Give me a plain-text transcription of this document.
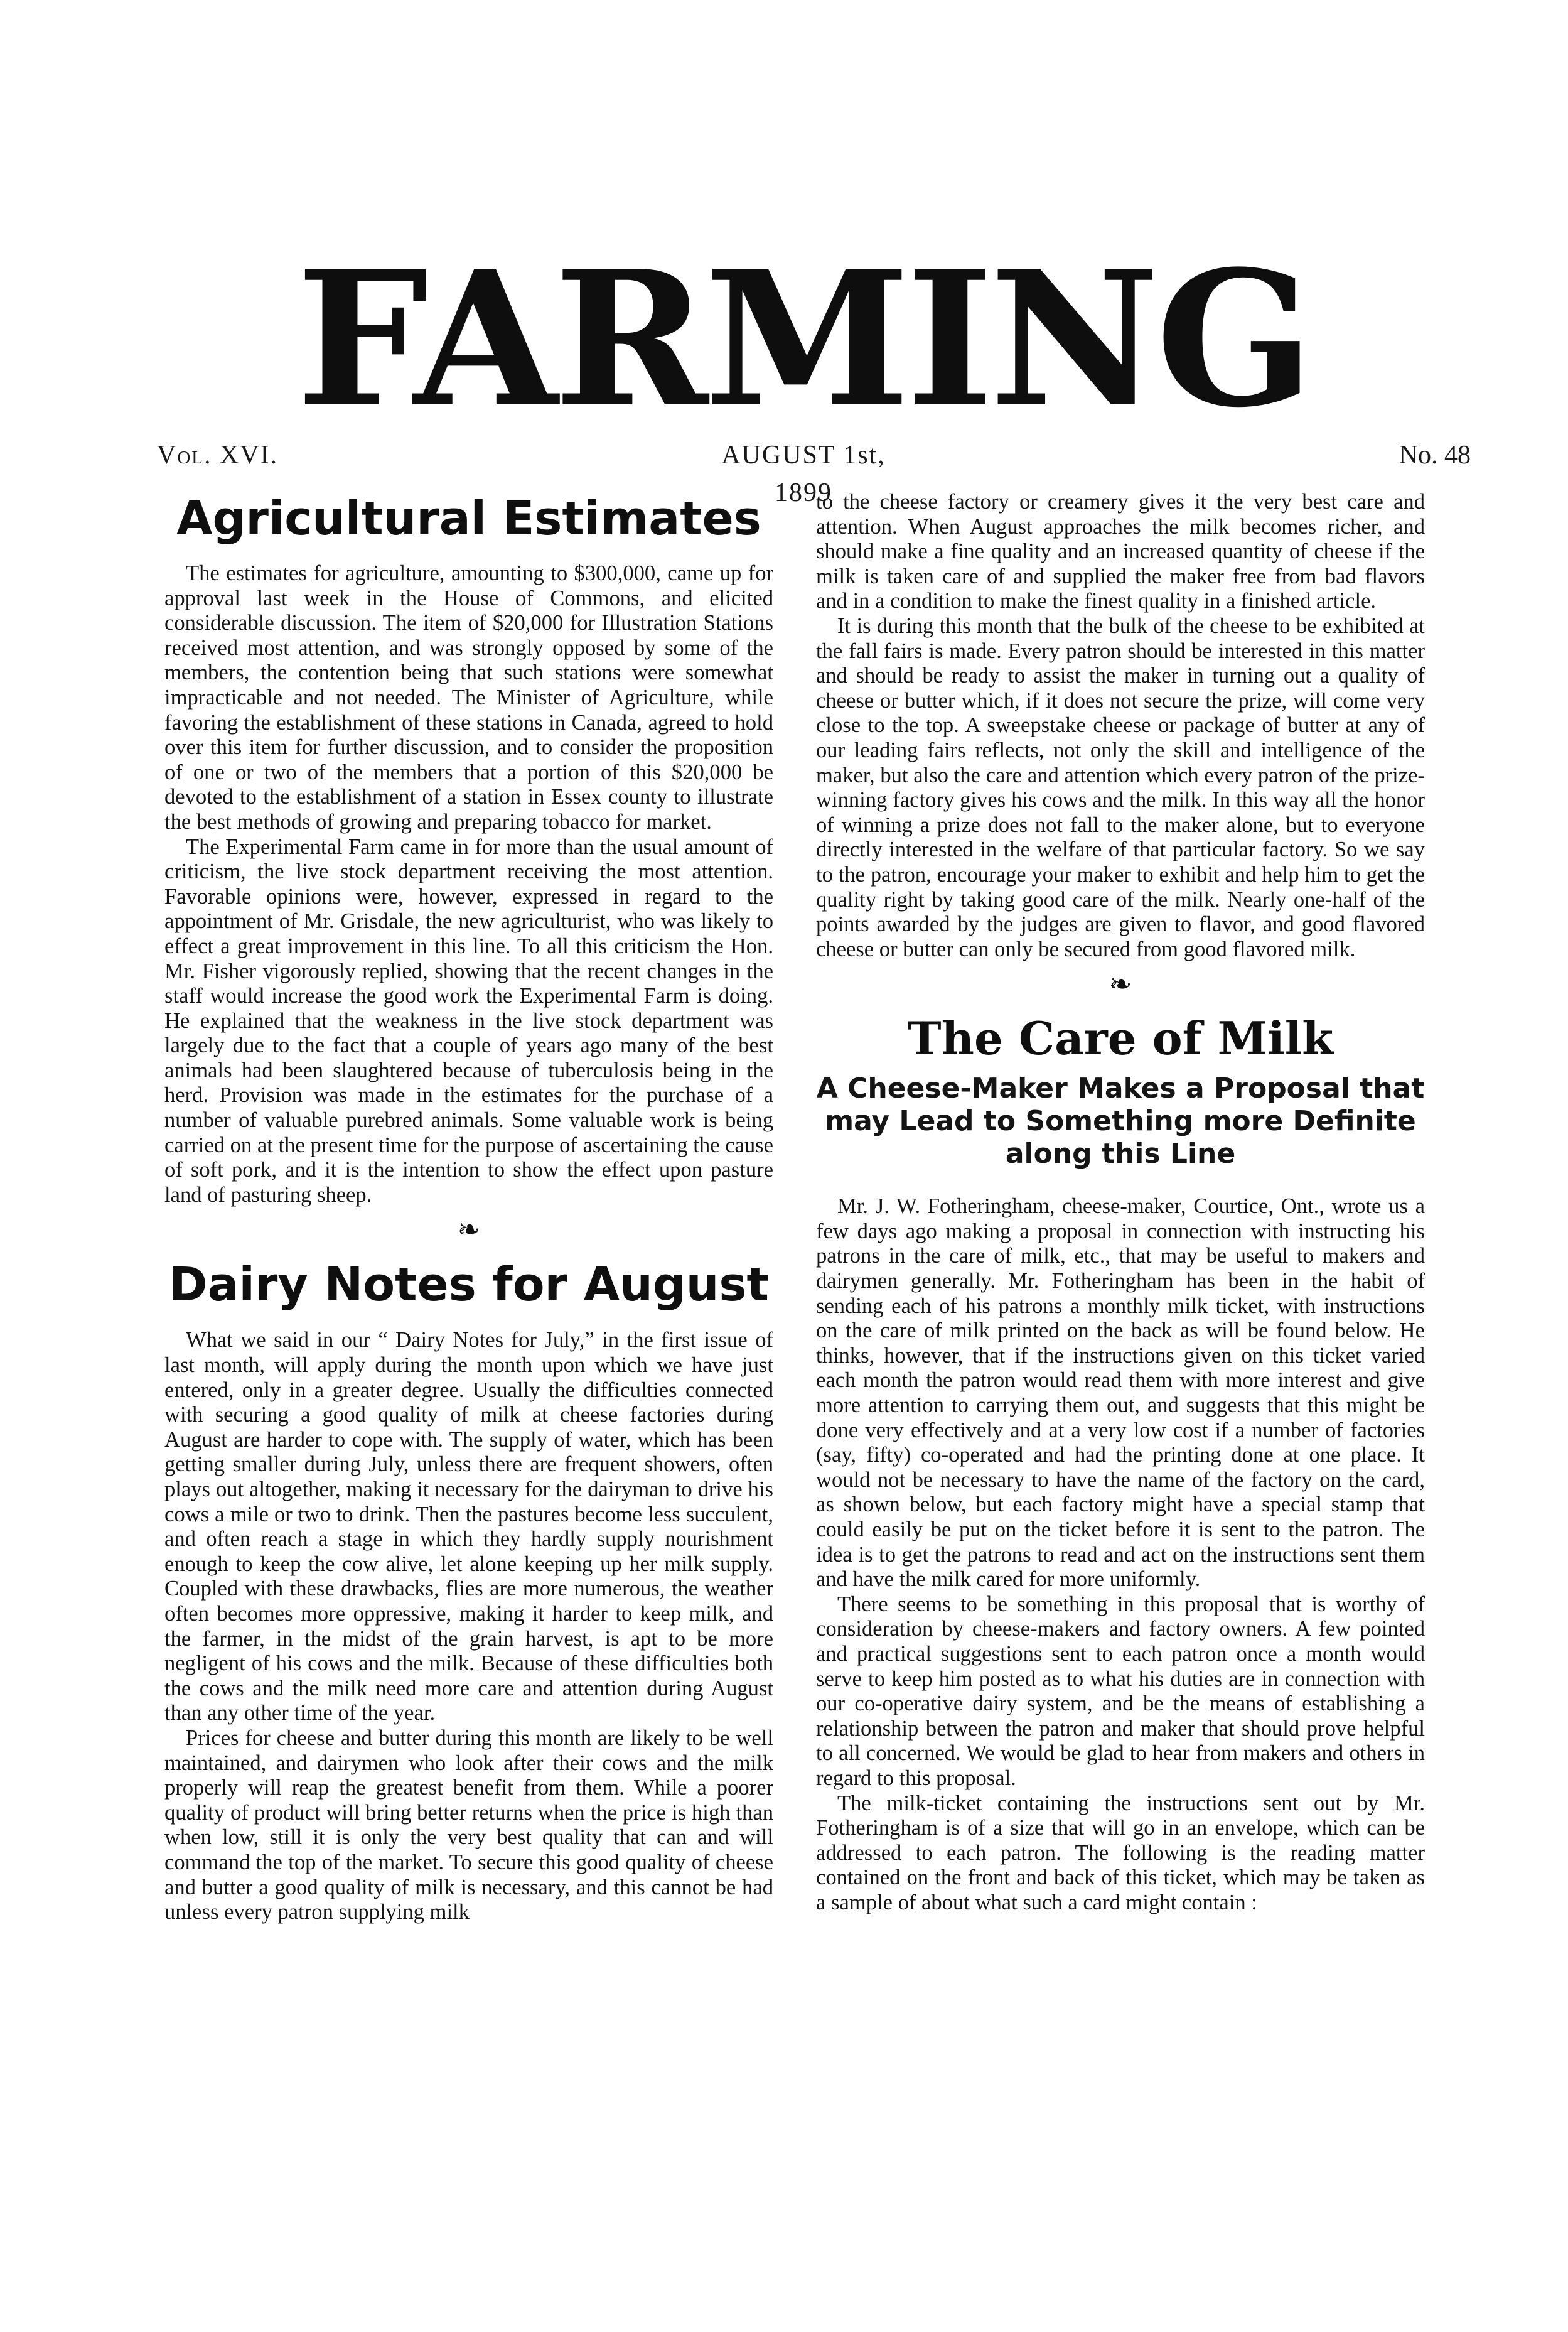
FARMING
Vol. XVI.	AUGUST 1st, 1899
No. 48
Agricultural Estimates

The estimates for agriculture, amounting to $300,000, came up for approval last week in the House of Commons, and elicited considerable discussion. The item of $20,000 for Illustration Stations received most attention, and was strongly opposed by some of the members, the contention being that such stations were somewhat impracticable and not needed. The Minister of Agriculture, while favoring the establishment of these stations in Canada, agreed to hold over this item for further discussion, and to consider the proposition of one or two of the members that a portion of this $20,000 be devoted to the establishment of a station in Essex county to illustrate the best methods of growing and preparing tobacco for market.

The Experimental Farm came in for more than the usual amount of criticism, the live stock department receiving the most attention. Favorable opinions were, however, expressed in regard to the appointment of Mr. Grisdale, the new agriculturist, who was likely to effect a great improvement in this line. To all this criticism the Hon. Mr. Fisher vigorously replied, showing that the recent changes in the staff would increase the good work the Experimental Farm is doing. He explained that the weakness in the live stock department was largely due to the fact that a couple of years ago many of the best animals had been slaughtered because of tuberculosis being in the herd. Provision was made in the estimates for the purchase of a number of valuable purebred animals. Some valuable work is being carried on at the present time for the purpose of ascertaining the cause of soft pork, and it is the intention to show the effect upon pasture land of pasturing sheep.

❧
Dairy Notes for August

What we said in our “ Dairy Notes for July,” in the first issue of last month, will apply during the month upon which we have just entered, only in a greater degree. Usually the difficulties connected with securing a good quality of milk at cheese factories during August are harder to cope with. The supply of water, which has been getting smaller during July, unless there are frequent showers, often plays out altogether, making it necessary for the dairyman to drive his cows a mile or two to drink. Then the pastures become less succulent, and often reach a stage in which they hardly supply nourishment enough to keep the cow alive, let alone keeping up her milk supply. Coupled with these drawbacks, flies are more numerous, the weather often becomes more oppressive, making it harder to keep milk, and the farmer, in the midst of the grain harvest, is apt to be more negligent of his cows and the milk. Because of these difficulties both the cows and the milk need more care and attention during August than any other time of the year.

Prices for cheese and butter during this month are likely to be well maintained, and dairymen who look after their cows and the milk properly will reap the greatest benefit from them. While a poorer quality of product will bring better returns when the price is high than when low, still it is only the very best quality that can and will command the top of the market. To secure this good quality of cheese and butter a good quality of milk is necessary, and this cannot be had unless every patron supplying milk

to the cheese factory or creamery gives it the very best care and attention. When August approaches the milk becomes richer, and should make a fine quality and an increased quantity of cheese if the milk is taken care of and supplied the maker free from bad flavors and in a condition to make the finest quality in a finished article.

It is during this month that the bulk of the cheese to be exhibited at the fall fairs is made. Every patron should be interested in this matter and should be ready to assist the maker in turning out a quality of cheese or butter which, if it does not secure the prize, will come very close to the top. A sweepstake cheese or package of butter at any of our leading fairs reflects, not only the skill and intelligence of the maker, but also the care and attention which every patron of the prize-winning factory gives his cows and the milk. In this way all the honor of winning a prize does not fall to the maker alone, but to everyone directly interested in the welfare of that particular factory. So we say to the patron, encourage your maker to exhibit and help him to get the quality right by taking good care of the milk. Nearly one-half of the points awarded by the judges are given to flavor, and good flavored cheese or butter can only be secured from good flavored milk.

❧
The Care of Milk
A Cheese-Maker Makes a Proposal that may Lead to Something more Definite along this Line

Mr. J. W. Fotheringham, cheese-maker, Courtice, Ont., wrote us a few days ago making a proposal in connection with instructing his patrons in the care of milk, etc., that may be useful to makers and dairymen generally. Mr. Fotheringham has been in the habit of sending each of his patrons a monthly milk ticket, with instructions on the care of milk printed on the back as will be found below. He thinks, however, that if the instructions given on this ticket varied each month the patron would read them with more interest and give more attention to carrying them out, and suggests that this might be done very effectively and at a very low cost if a number of factories (say, fifty) co-operated and had the printing done at one place. It would not be necessary to have the name of the factory on the card, as shown below, but each factory might have a special stamp that could easily be put on the ticket before it is sent to the patron. The idea is to get the patrons to read and act on the instructions sent them and have the milk cared for more uniformly.

There seems to be something in this proposal that is worthy of consideration by cheese-makers and factory owners. A few pointed and practical suggestions sent to each patron once a month would serve to keep him posted as to what his duties are in connection with our co-operative dairy system, and be the means of establishing a relationship between the patron and maker that should prove helpful to all concerned. We would be glad to hear from makers and others in regard to this proposal.

The milk-ticket containing the instructions sent out by Mr. Fotheringham is of a size that will go in an envelope, which can be addressed to each patron. The following is the reading matter contained on the front and back of this ticket, which may be taken as a sample of about what such a card might contain :
